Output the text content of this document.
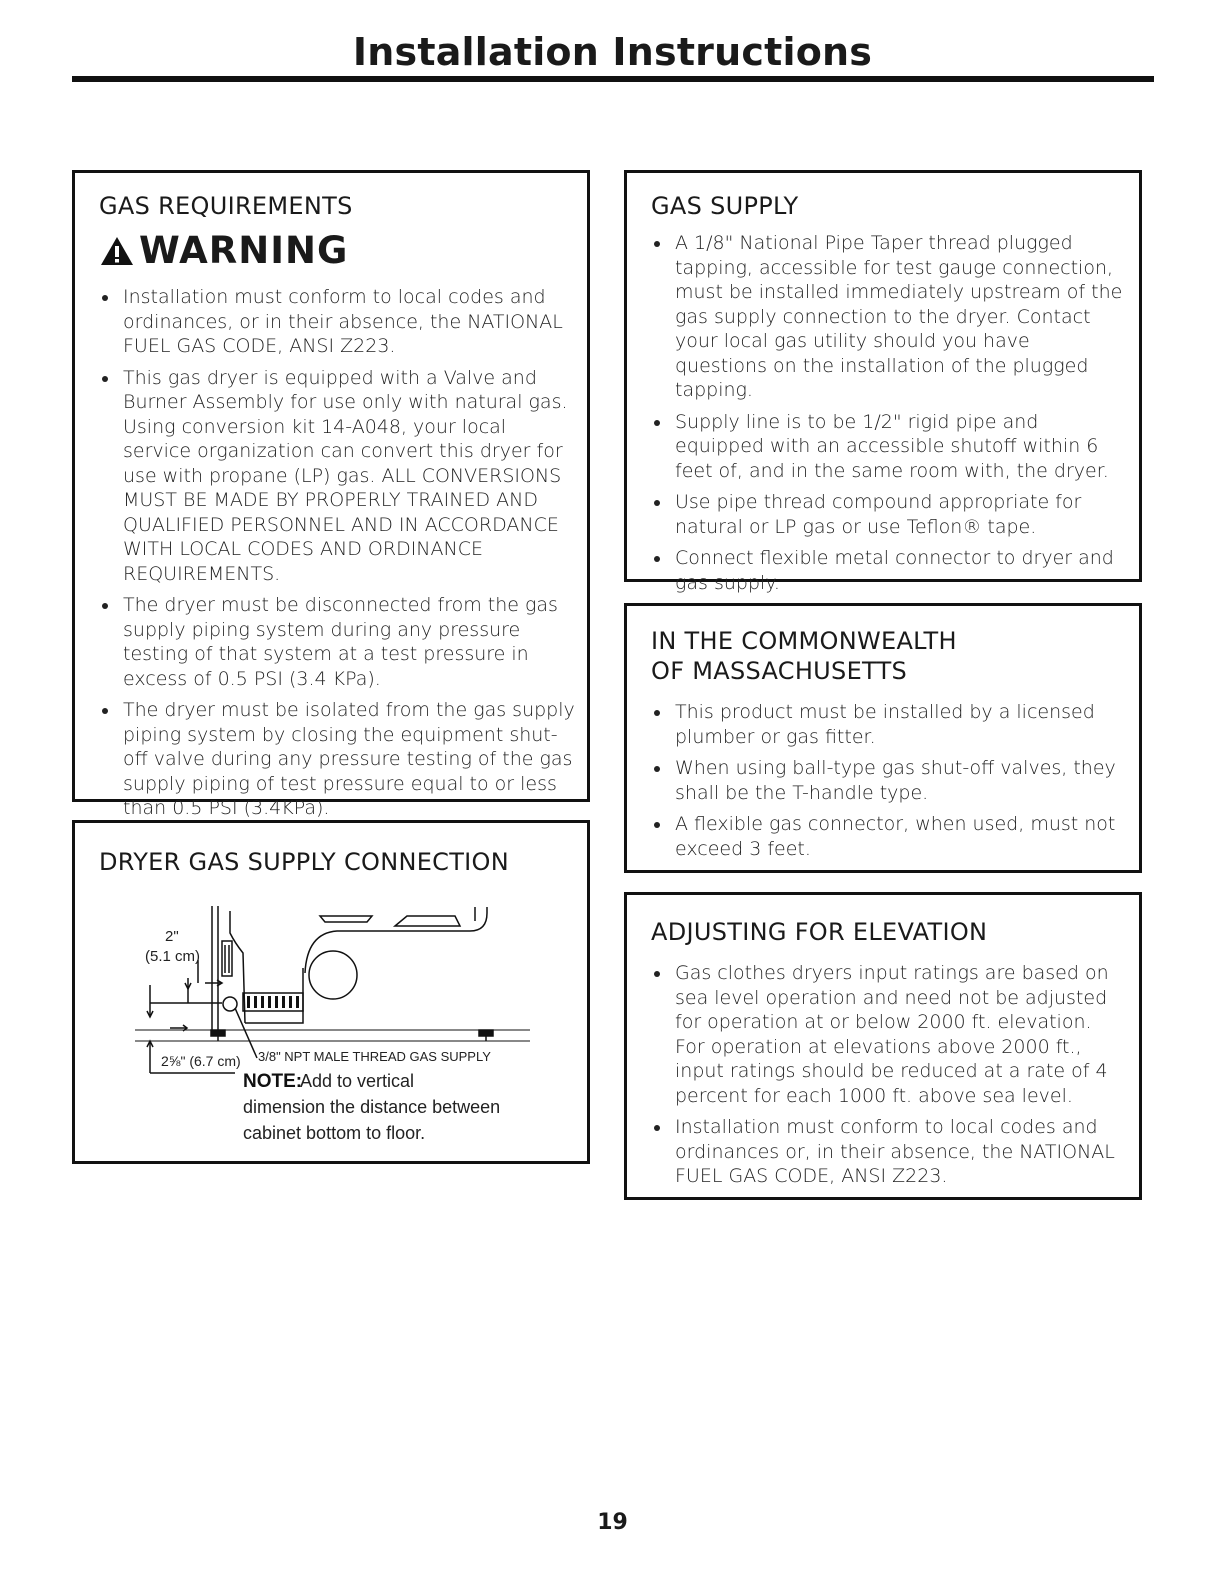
Installation Instructions
GAS REQUIREMENTS
WARNING
Installation must conform to local codes and ordinances, or in their absence, the NATIONAL FUEL GAS CODE, ANSI Z223.
This gas dryer is equipped with a Valve and Burner Assembly for use only with natural gas. Using conversion kit 14-A048, your local service organization can convert this dryer for use with propane (LP) gas. ALL CONVERSIONS MUST BE MADE BY PROPERLY TRAINED AND QUALIFIED PERSONNEL AND IN ACCORDANCE WITH LOCAL CODES AND ORDINANCE REQUIREMENTS.
The dryer must be disconnected from the gas supply piping system during any pressure testing of that system at a test pressure in excess of 0.5 PSI (3.4 KPa).
The dryer must be isolated from the gas supply piping system by closing the equipment shut-off valve during any pressure testing of the gas supply piping of test pressure equal to or less than 0.5 PSI (3.4KPa).
DRYER GAS SUPPLY CONNECTION
2"
(5.1 cm)
2⅝" (6.7 cm) 3/8" NPT MALE THREAD GAS SUPPLY
NOTE:
Add to vertical
dimension the distance between
cabinet bottom to floor.
GAS SUPPLY
A 1/8" National Pipe Taper thread plugged tapping, accessible for test gauge connection, must be installed immediately upstream of the gas supply connection to the dryer. Contact your local gas utility should you have questions on the installation of the plugged tapping.
Supply line is to be 1/2" rigid pipe and equipped with an accessible shutoff within 6 feet of, and in the same room with, the dryer.
Use pipe thread compound appropriate for natural or LP gas or use Teflon® tape.
Connect flexible metal connector to dryer and gas supply.
IN THE COMMONWEALTH
OF MASSACHUSETTS
This product must be installed by a licensed plumber or gas fitter.
When using ball-type gas shut-off valves, they shall be the T-handle type.
A flexible gas connector, when used, must not exceed 3 feet.
ADJUSTING FOR ELEVATION
Gas clothes dryers input ratings are based on sea level operation and need not be adjusted for operation at or below 2000 ft. elevation. For operation at elevations above 2000 ft., input ratings should be reduced at a rate of 4 percent for each 1000 ft. above sea level.
Installation must conform to local codes and ordinances or, in their absence, the NATIONAL FUEL GAS CODE, ANSI Z223.
19
